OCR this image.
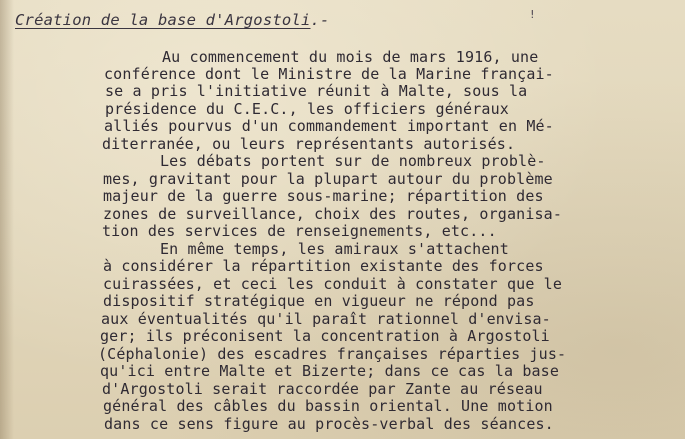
Création de la base d'Argostoli.-	!

Au commencement du mois de mars 1916, une

conférence dont le Ministre de la Marine françai-

se a pris l'initiative réunit à Malte, sous la

présidence du C.E.C., les officiers généraux

alliés pourvus d'un commandement important en Mé-

diterranée, ou leurs représentants autorisés.

Les débats portent sur de nombreux problè-

mes, gravitant pour la plupart autour du problème

majeur de la guerre sous-marine; répartition des

zones de surveillance, choix des routes, organisa-

tion des services de renseignements, etc...

En même temps, les amiraux s'attachent

à considérer la répartition existante des forces

cuirassées, et ceci les conduit à constater que le

dispositif stratégique en vigueur ne répond pas

aux éventualités qu'il paraît rationnel d'envisa-

ger; ils préconisent la concentration à Argostoli

(Céphalonie) des escadres françaises réparties jus-

qu'ici entre Malte et Bizerte; dans ce cas la base

d'Argostoli serait raccordée par Zante au réseau

général des câbles du bassin oriental. Une motion

dans ce sens figure au procès-verbal des séances.
